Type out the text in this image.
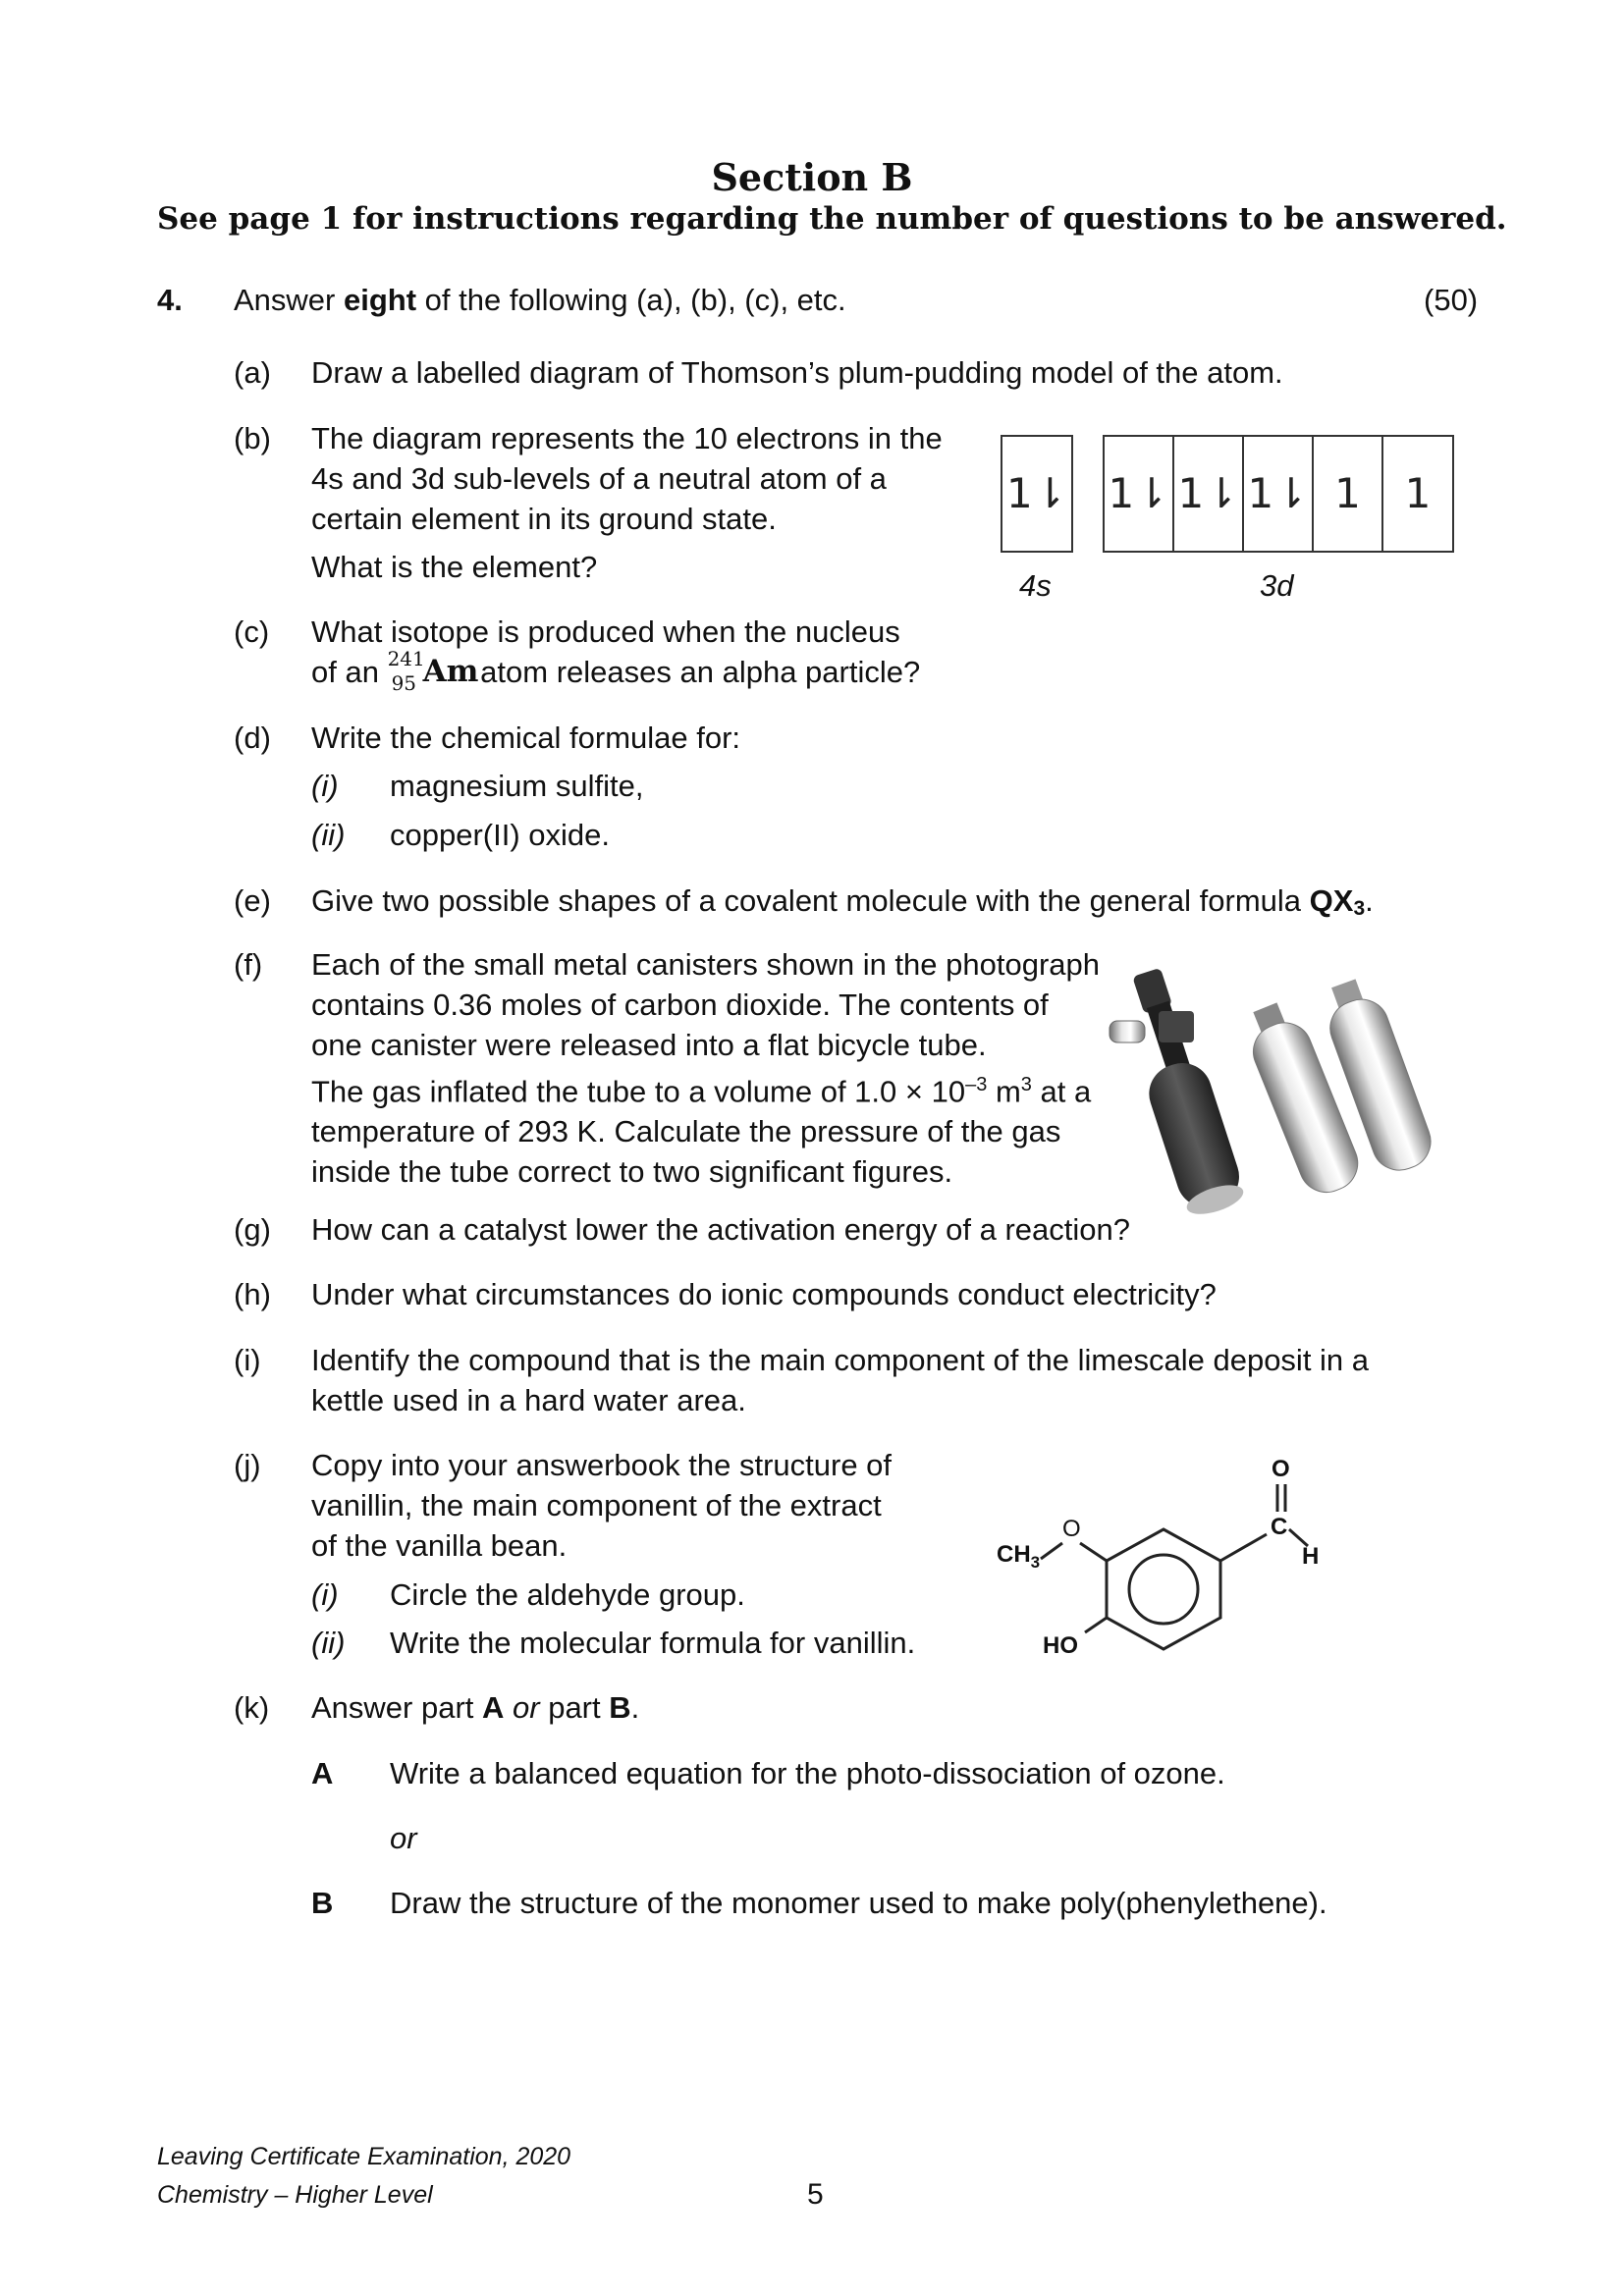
Section B
See page 1 for instructions regarding the number of questions to be answered.
4. Answer eight of the following (a), (b), (c), etc.	(50)
(a) Draw a labelled diagram of Thomson’s plum-pudding model of the atom.
(b) The diagram represents the 10 electrons in the
4s and 3d sub-levels of a neutral atom of a
certain element in its ground state.
What is the element?
1⇂ 1⇂ 1⇂ 1⇂ 1	1
4s	3d
(c) What isotope is produced when the nucleus
of an 241
95 Am
atom releases an alpha particle?
(d) Write the chemical formulae for:
(i) magnesium sulfite,
(ii) copper(II) oxide.
(e) Give two possible shapes of a covalent molecule with the general formula QX3.
(f) Each of the small metal canisters shown in the photograph
contains 0.36 moles of carbon dioxide. The contents of
one canister were released into a flat bicycle tube.
The gas inflated the tube to a volume of $1.0 \times 10^{-3}$ $m^3$ at a
temperature of 293 K. Calculate the pressure of the gas
inside the tube correct to two significant figures.
(g) How can a catalyst lower the activation energy of a reaction?
(h) Under what circumstances do ionic compounds conduct electricity?
(i) Identify the compound that is the main component of the limescale deposit in a
kettle used in a hard water area.
(j) Copy into your answerbook the structure of
vanillin, the main component of the extract
of the vanilla bean.
(i) Circle the aldehyde group.
(ii) Write the molecular formula for vanillin.
O
C
H
O
$CH_3$
HO
(k) Answer part A or part B.
A Write a balanced equation for the photo-dissociation of ozone.
or
B Draw the structure of the monomer used to make poly(phenylethene).
Leaving Certificate Examination, 2020
Chemistry – Higher Level	5
